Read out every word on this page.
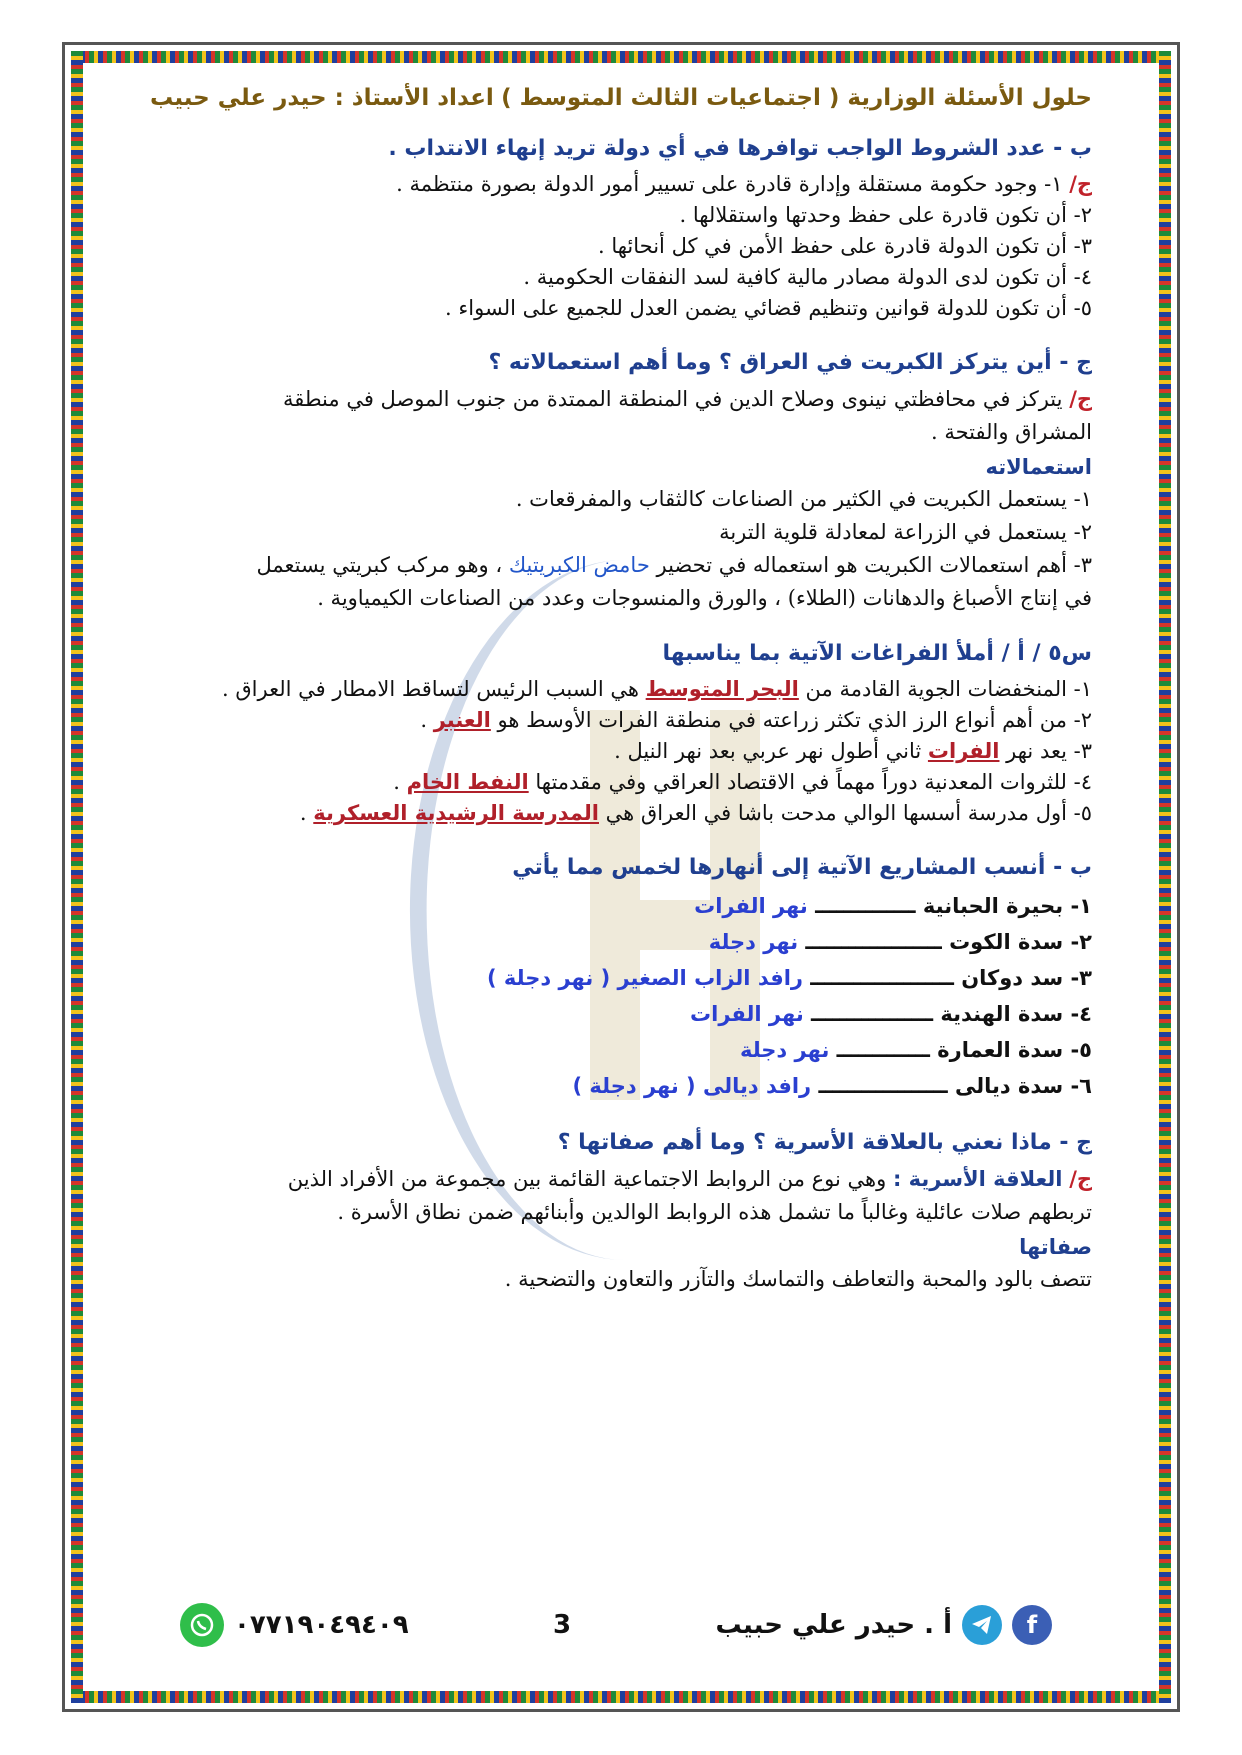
حلول الأسئلة الوزارية ( اجتماعيات الثالث المتوسط )
اعداد الأستاذ : حيدر علي حبيب
ب - عدد الشروط الواجب توافرها في أي دولة تريد إنهاء الانتداب .
ج/ ١- وجود حكومة مستقلة وإدارة قادرة على تسيير أمور الدولة بصورة منتظمة .
٢- أن تكون قادرة على حفظ وحدتها واستقلالها .
٣- أن تكون الدولة قادرة على حفظ الأمن في كل أنحائها .
٤- أن تكون لدى الدولة مصادر مالية كافية لسد النفقات الحكومية .
٥- أن تكون للدولة قوانين وتنظيم قضائي يضمن العدل للجميع على السواء .
ج - أين يتركز الكبريت في العراق ؟ وما أهم استعمالاته ؟
ج/ يتركز في محافظتي نينوى وصلاح الدين في المنطقة الممتدة من جنوب الموصل في منطقة
المشراق والفتحة .
استعمالاته
١- يستعمل الكبريت في الكثير من الصناعات كالثقاب والمفرقعات .
٢- يستعمل في الزراعة لمعادلة قلوية التربة
٣- أهم استعمالات الكبريت هو استعماله في تحضير حامض الكبريتيك ، وهو مركب كبريتي يستعمل
في إنتاج الأصباغ والدهانات (الطلاء) ، والورق والمنسوجات وعدد من الصناعات الكيمياوية .
س٥ / أ / أملأ الفراغات الآتية بما يناسبها
١- المنخفضات الجوية القادمة من البحر المتوسط هي السبب الرئيس لتساقط الامطار في العراق .
٢- من أهم أنواع الرز الذي تكثر زراعته في منطقة الفرات الأوسط هو العنبر .
٣- يعد نهر الفرات ثاني أطول نهر عربي بعد نهر النيل .
٤- للثروات المعدنية دوراً مهماً في الاقتصاد العراقي وفي مقدمتها النفط الخام .
٥- أول مدرسة أسسها الوالي مدحت باشا في العراق هي المدرسة الرشيدية العسكرية .
ب - أنسب المشاريع الآتية إلى أنهارها لخمس مما يأتي
١- بحيرة الحبانية ــــــــــــــ نهر الفرات
٢- سدة الكوت ـــــــــــــــــــ نهر دجلة
٣- سد دوكان ــــــــــــــــــــ رافد الزاب الصغير ( نهر دجلة )
٤- سدة الهندية ـــــــــــــــــ نهر الفرات
٥- سدة العمارة ـــــــــــــ نهر دجلة
٦- سدة ديالى ــــــــــــــــــ رافد ديالى ( نهر دجلة )
ج - ماذا نعني بالعلاقة الأسرية ؟ وما أهم صفاتها ؟
ج/ العلاقة الأسرية : وهي نوع من الروابط الاجتماعية القائمة بين مجموعة من الأفراد الذين
تربطهم صلات عائلية وغالباً ما تشمل هذه الروابط الوالدين وأبنائهم ضمن نطاق الأسرة .
صفاتها
تتصف بالود والمحبة والتعاطف والتماسك والتآزر والتعاون والتضحية .
f
أ . حيدر علي حبيب
3
٠٧٧١٩٠٤٩٤٠٩
